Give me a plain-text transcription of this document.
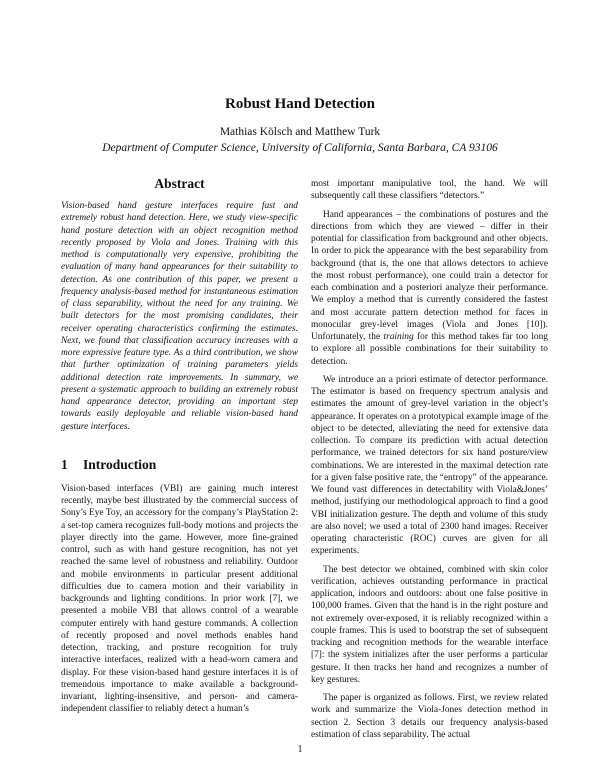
Robust Hand Detection
Mathias Kölsch and Matthew Turk
Department of Computer Science, University of California, Santa Barbara, CA 93106
Abstract

Vision-based hand gesture interfaces require fast and extremely robust hand detection. Here, we study view-specific hand posture detection with an object recognition method recently proposed by Viola and Jones. Training with this method is computationally very expensive, prohibiting the evaluation of many hand appearances for their suitability to detection. As one contribution of this paper, we present a frequency analysis-based method for instantaneous estimation of class separability, without the need for any training. We built detectors for the most promising candidates, their receiver operating characteristics confirming the estimates. Next, we found that classification accuracy increases with a more expressive feature type. As a third contribution, we show that further optimization of training parameters yields additional detection rate improvements. In summary, we present a systematic approach to building an extremely robust hand appearance detector, providing an important step towards easily deployable and reliable vision-based hand gesture interfaces.

1 Introduction

Vision-based interfaces (VBI) are gaining much interest recently, maybe best illustrated by the commercial success of Sony’s Eye Toy, an accessory for the company’s PlayStation 2: a set-top camera recognizes full-body motions and projects the player directly into the game. However, more fine-grained control, such as with hand gesture recognition, has not yet reached the same level of robustness and reliability. Outdoor and mobile environments in particular present additional difficulties due to camera motion and their variability in backgrounds and lighting conditions. In prior work [7], we presented a mobile VBI that allows control of a wearable computer entirely with hand gesture commands. A collection of recently proposed and novel methods enables hand detection, tracking, and posture recognition for truly interactive interfaces, realized with a head-worn camera and display. For these vision-based hand gesture interfaces it is of tremendous importance to make available a background-invariant, lighting-insensitive, and person- and camera-independent classifier to reliably detect a human’s

most important manipulative tool, the hand. We will subsequently call these classifiers “detectors.”

Hand appearances – the combinations of postures and the directions from which they are viewed – differ in their potential for classification from background and other objects. In order to pick the appearance with the best separability from background (that is, the one that allows detectors to achieve the most robust performance), one could train a detector for each combination and a posteriori analyze their performance. We employ a method that is currently considered the fastest and most accurate pattern detection method for faces in monocular grey-level images (Viola and Jones [10]). Unfortunately, the training for this method takes far too long to explore all possible combinations for their suitability to detection.

We introduce an a priori estimate of detector performance. The estimator is based on frequency spectrum analysis and estimates the amount of grey-level variation in the object’s appearance. It operates on a prototypical example image of the object to be detected, alleviating the need for extensive data collection. To compare its prediction with actual detection performance, we trained detectors for six hand posture/view combinations. We are interested in the maximal detection rate for a given false positive rate, the “entropy” of the appearance. We found vast differences in detectability with Viola&Jones’ method, justifying our methodological approach to find a good VBI initialization gesture. The depth and volume of this study are also novel; we used a total of 2300 hand images. Receiver operating characteristic (ROC) curves are given for all experiments.

The best detector we obtained, combined with skin color verification, achieves outstanding performance in practical application, indoors and outdoors: about one false positive in 100,000 frames. Given that the hand is in the right posture and not extremely over-exposed, it is reliably recognized within a couple frames. This is used to bootstrap the set of subsequent tracking and recognition methods for the wearable interface [7]: the system initializes after the user performs a particular gesture. It then tracks her hand and recognizes a number of key gestures.

The paper is organized as follows. First, we review related work and summarize the Viola-Jones detection method in section 2. Section 3 details our frequency analysis-based estimation of class separability. The actual

1
